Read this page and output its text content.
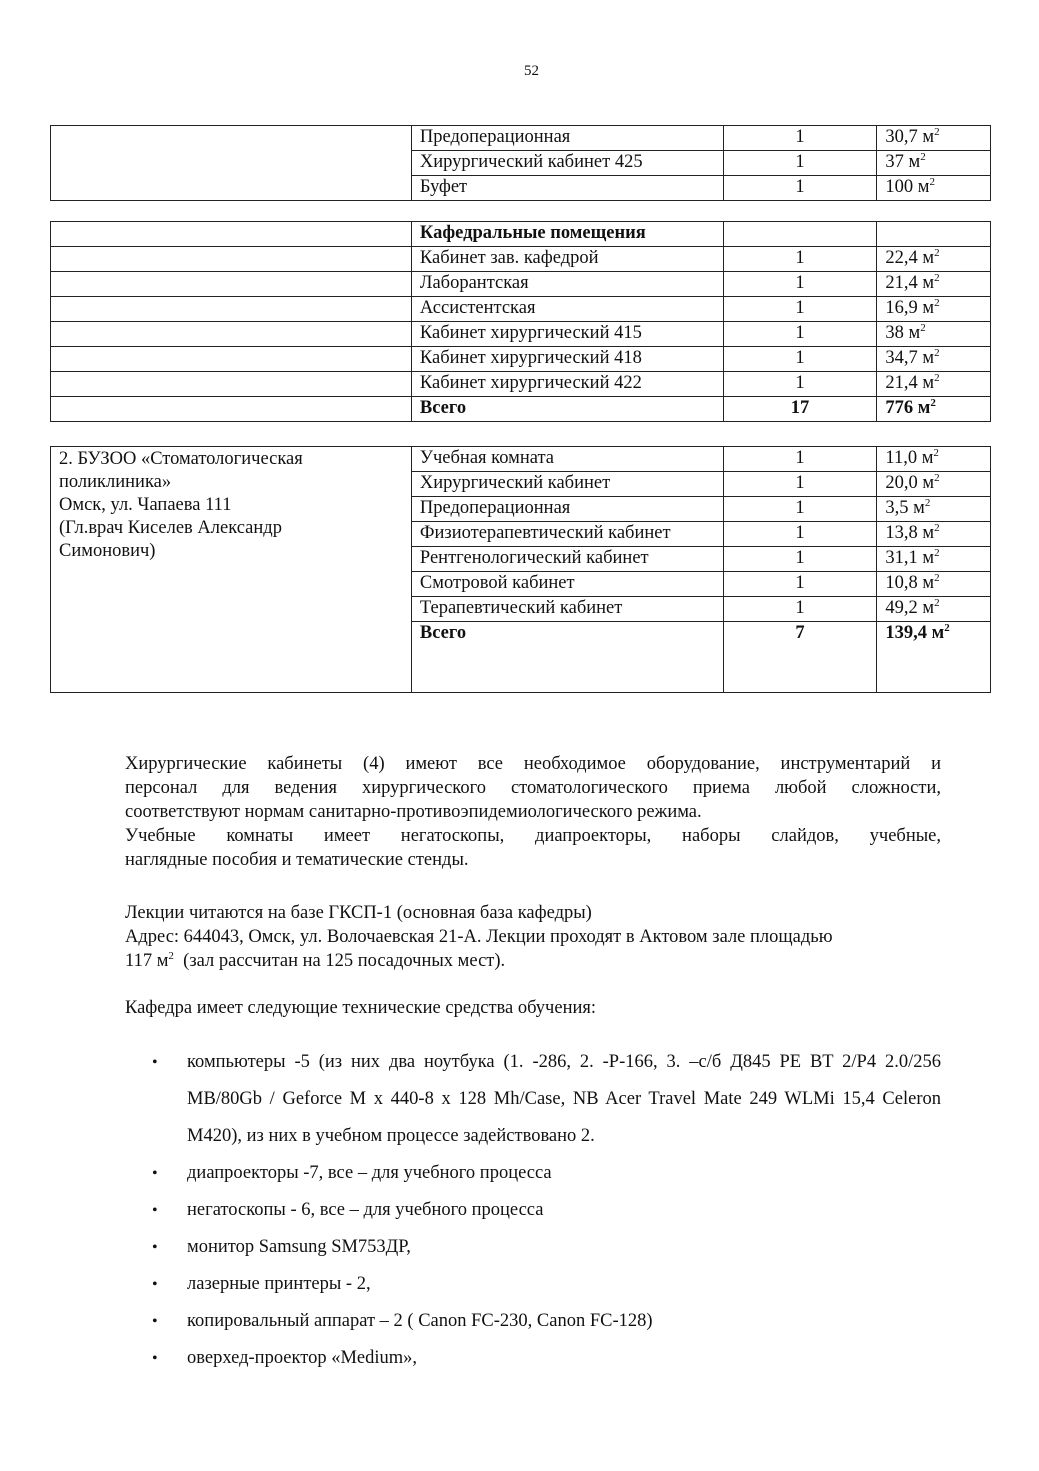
52
	Предоперационная	1	30,7 $м^2$
	Хирургический кабинет 425	1	37 $м^2$
	Буфет	1	100 $м^2$
	Кафедральные помещения		
	Кабинет зав. кафедрой	1	22,4 $м^2$
	Лаборантская	1	21,4 $м^2$
	Ассистентская	1	16,9 $м^2$
	Кабинет хирургический 415	1	38 $м^2$
	Кабинет хирургический 418	1	34,7 $м^2$
	Кабинет хирургический 422	1	21,4 $м^2$
	Всего	17	776 $м^2$
2. БУЗОО «Стоматологическая
поликлиника»
Омск, ул. Чапаева 111
(Гл.врач Киселев Александр
Симонович)	Учебная комната	1	11,0 $м^2$
	Хирургический кабинет	1	20,0 $м^2$
	Предоперационная	1	3,5 $м^2$
	Физиотерапевтический кабинет	1	13,8 $м^2$
	Рентгенологический кабинет	1	31,1 $м^2$
	Смотровой кабинет	1	10,8 $м^2$
	Терапевтический кабинет	1	49,2 $м^2$
	Всего	7	139,4 $м^2$
Хирургические кабинеты (4) имеют все необходимое оборудование, инструментарий и
персонал для ведения хирургического стоматологического приема любой сложности,
соответствуют нормам санитарно-противоэпидемиологического режима.
Учебные комнаты имеет негатоскопы, диапроекторы, наборы слайдов, учебные,
наглядные пособия и тематические стенды.
Лекции читаются на базе ГКСП-1 (основная база кафедры)
Адрес: 644043, Омск, ул. Волочаевская 21-А. Лекции проходят в Актовом зале площадью
117 $м^2$  (зал рассчитан на 125 посадочных мест).
Кафедра имеет следующие технические средства обучения:
• компьютеры -5 (из них два ноутбука (1. -286, 2. -Р-166, 3. –с/б Д845 PE BT 2/P4 2.0/256 MB/80Gb / Geforce M x 440-8 x 128 Mh/Case, NB Acer Travel Mate 249 WLMi 15,4 Celeron M420), из них в учебном процессе задействовано 2.
• диапроекторы -7, все – для учебного процесса
• негатоскопы - 6, все – для учебного процесса
• монитор Samsung SM753ДР,
• лазерные принтеры - 2,
• копировальный аппарат – 2 ( Canon FC-230, Canon FC-128)
• оверхед-проектор «Medium»,
